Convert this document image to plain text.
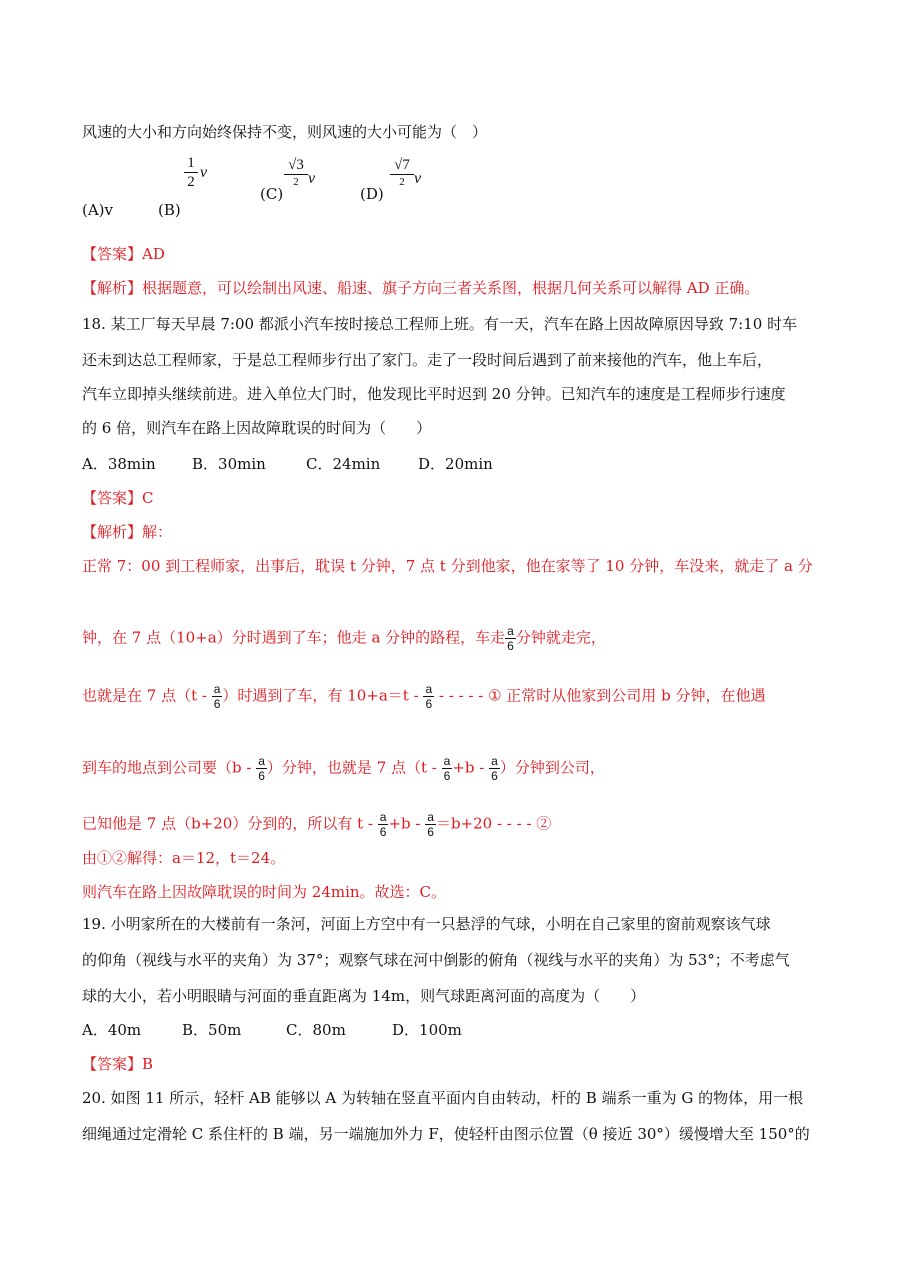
风速的大小和方向始终保持不变，则风速的大小可能为（　）
(A)v	(B)
1
2
v
(C)
√3
2 v
(D)
√7
2 v
【答案】AD
【解析】根据题意，可以绘制出风速、船速、旗子方向三者关系图，根据几何关系可以解得 AD 正确。
18. 某工厂每天早晨 7:00 都派小汽车按时接总工程师上班。有一天，汽车在路上因故障原因导致 7:10 时车
还未到达总工程师家，于是总工程师步行出了家门。走了一段时间后遇到了前来接他的汽车，他上车后，
汽车立即掉头继续前进。进入单位大门时，他发现比平时迟到 20 分钟。已知汽车的速度是工程师步行速度
的 6 倍，则汽车在路上因故障耽误的时间为（　　）
A．38min B．30min	C．24min	D．20min
【答案】C
【解析】解：
正常 7：00 到工程师家，出事后，耽误 t 分钟，7 点 t 分到他家，他在家等了 10 分钟，车没来，就走了 a 分
钟，在 7 点（10+a）分时遇到了车；他走 a 分钟的路程，车走 $\frac{a}{6}$ 分钟就走完，
也就是在 7 点（$t - \frac{a}{6}$ ）时遇到了车，有 $10+a=t - \frac{a}{6}$ - - - - - ① 正常时从他家到公司用 b 分钟，在他遇
到车的地点到公司要（$b - \frac{a}{6}$ ）分钟，也就是 7 点（$t - \frac{a}{6} +b - \frac{a}{6}$ ）分钟到公司，
已知他是 7 点（b+20）分到的，所以有 $t - \frac{a}{6} +b - \frac{a}{6} =b+20$ - - - - ②
由①②解得：a＝12，t＝24。
则汽车在路上因故障耽误的时间为 24min。故选：C。
19. 小明家所在的大楼前有一条河，河面上方空中有一只悬浮的气球，小明在自己家里的窗前观察该气球
的仰角（视线与水平的夹角）为 37°；观察气球在河中倒影的俯角（视线与水平的夹角）为 53°；不考虑气
球的大小，若小明眼睛与河面的垂直距离为 14m，则气球距离河面的高度为（　　）
A．40m	B．50m	C．80m	D．100m
【答案】B
20. 如图 11 所示，轻杆 AB 能够以 A 为转轴在竖直平面内自由转动，杆的 B 端系一重为 G 的物体，用一根
细绳通过定滑轮 C 系住杆的 B 端，另一端施加外力 F，使轻杆由图示位置（θ 接近 30°）缓慢增大至 150°的
